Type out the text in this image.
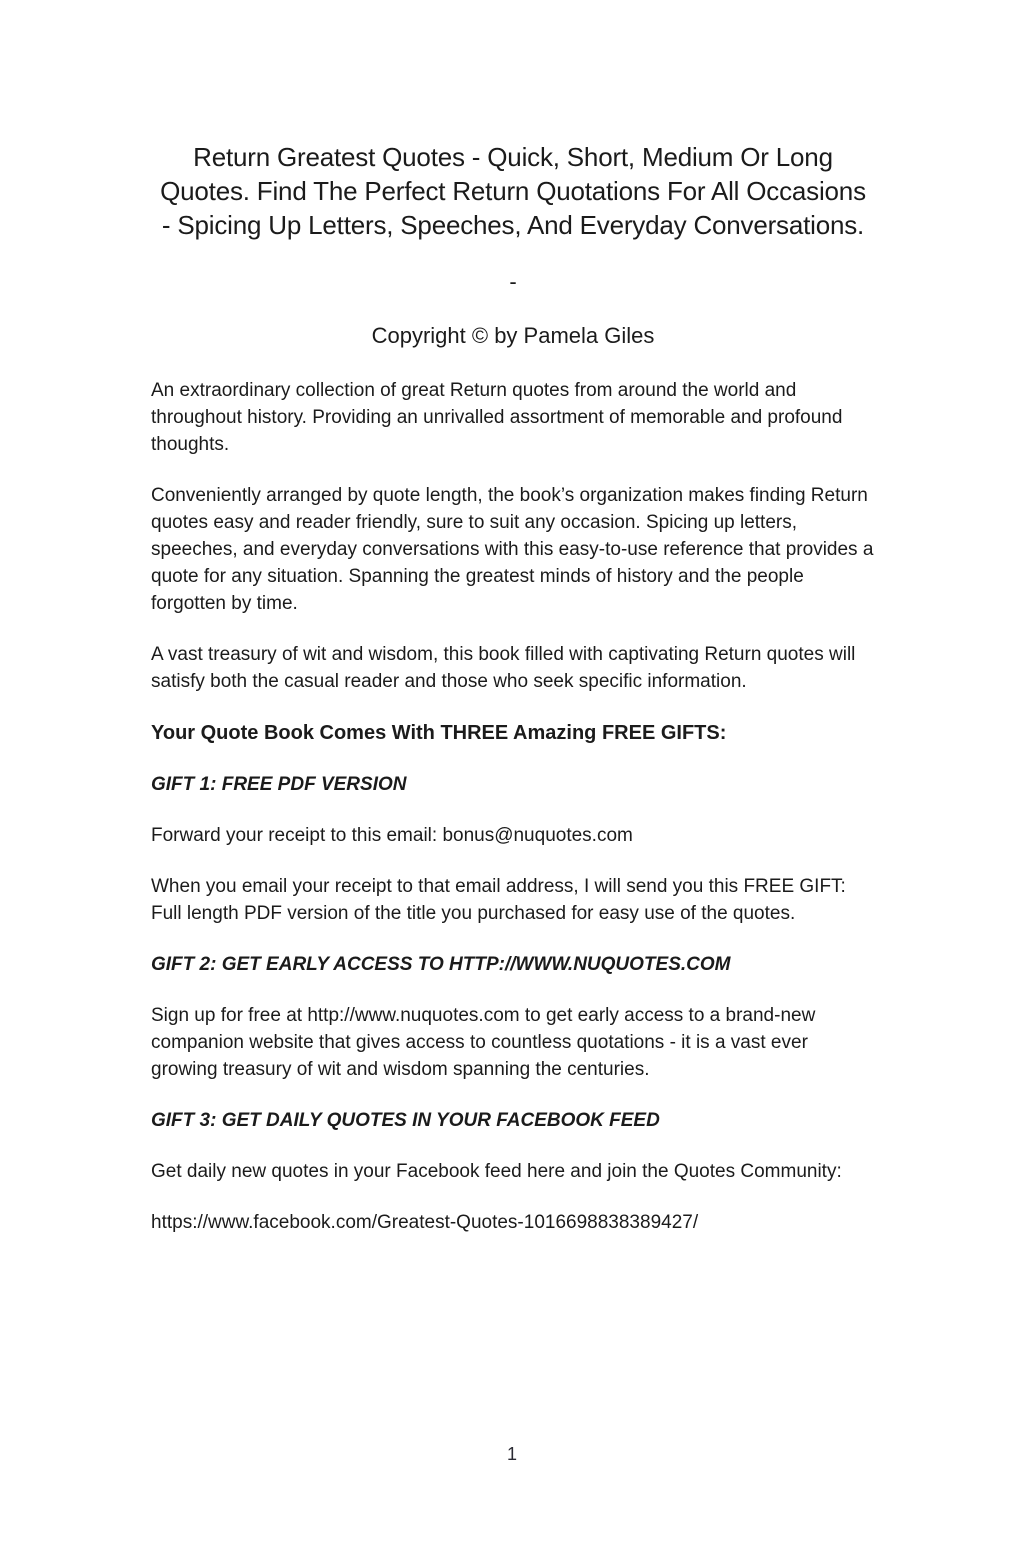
Return Greatest Quotes - Quick, Short, Medium Or Long
Quotes. Find The Perfect Return Quotations For All Occasions
- Spicing Up Letters, Speeches, And Everyday Conversations.
-
Copyright © by Pamela Giles

An extraordinary collection of great Return quotes from around the world and throughout history. Providing an unrivalled assortment of memorable and profound thoughts.

Conveniently arranged by quote length, the book’s organization makes finding Return quotes easy and reader friendly, sure to suit any occasion. Spicing up letters, speeches, and everyday conversations with this easy-to-use reference that provides a quote for any situation. Spanning the greatest minds of history and the people forgotten by time.

A vast treasury of wit and wisdom, this book filled with captivating Return quotes will satisfy both the casual reader and those who seek specific information.

Your Quote Book Comes With THREE Amazing FREE GIFTS:
GIFT 1: FREE PDF VERSION

Forward your receipt to this email: bonus@nuquotes.com

When you email your receipt to that email address, I will send you this FREE GIFT: Full length PDF version of the title you purchased for easy use of the quotes.

GIFT 2: GET EARLY ACCESS TO HTTP://WWW.NUQUOTES.COM

Sign up for free at http://www.nuquotes.com to get early access to a brand-new companion website that gives access to countless quotations - it is a vast ever growing treasury of wit and wisdom spanning the centuries.

GIFT 3: GET DAILY QUOTES IN YOUR FACEBOOK FEED

Get daily new quotes in your Facebook feed here and join the Quotes Community:

https://www.facebook.com/Greatest-Quotes-1016698838389427/

1
